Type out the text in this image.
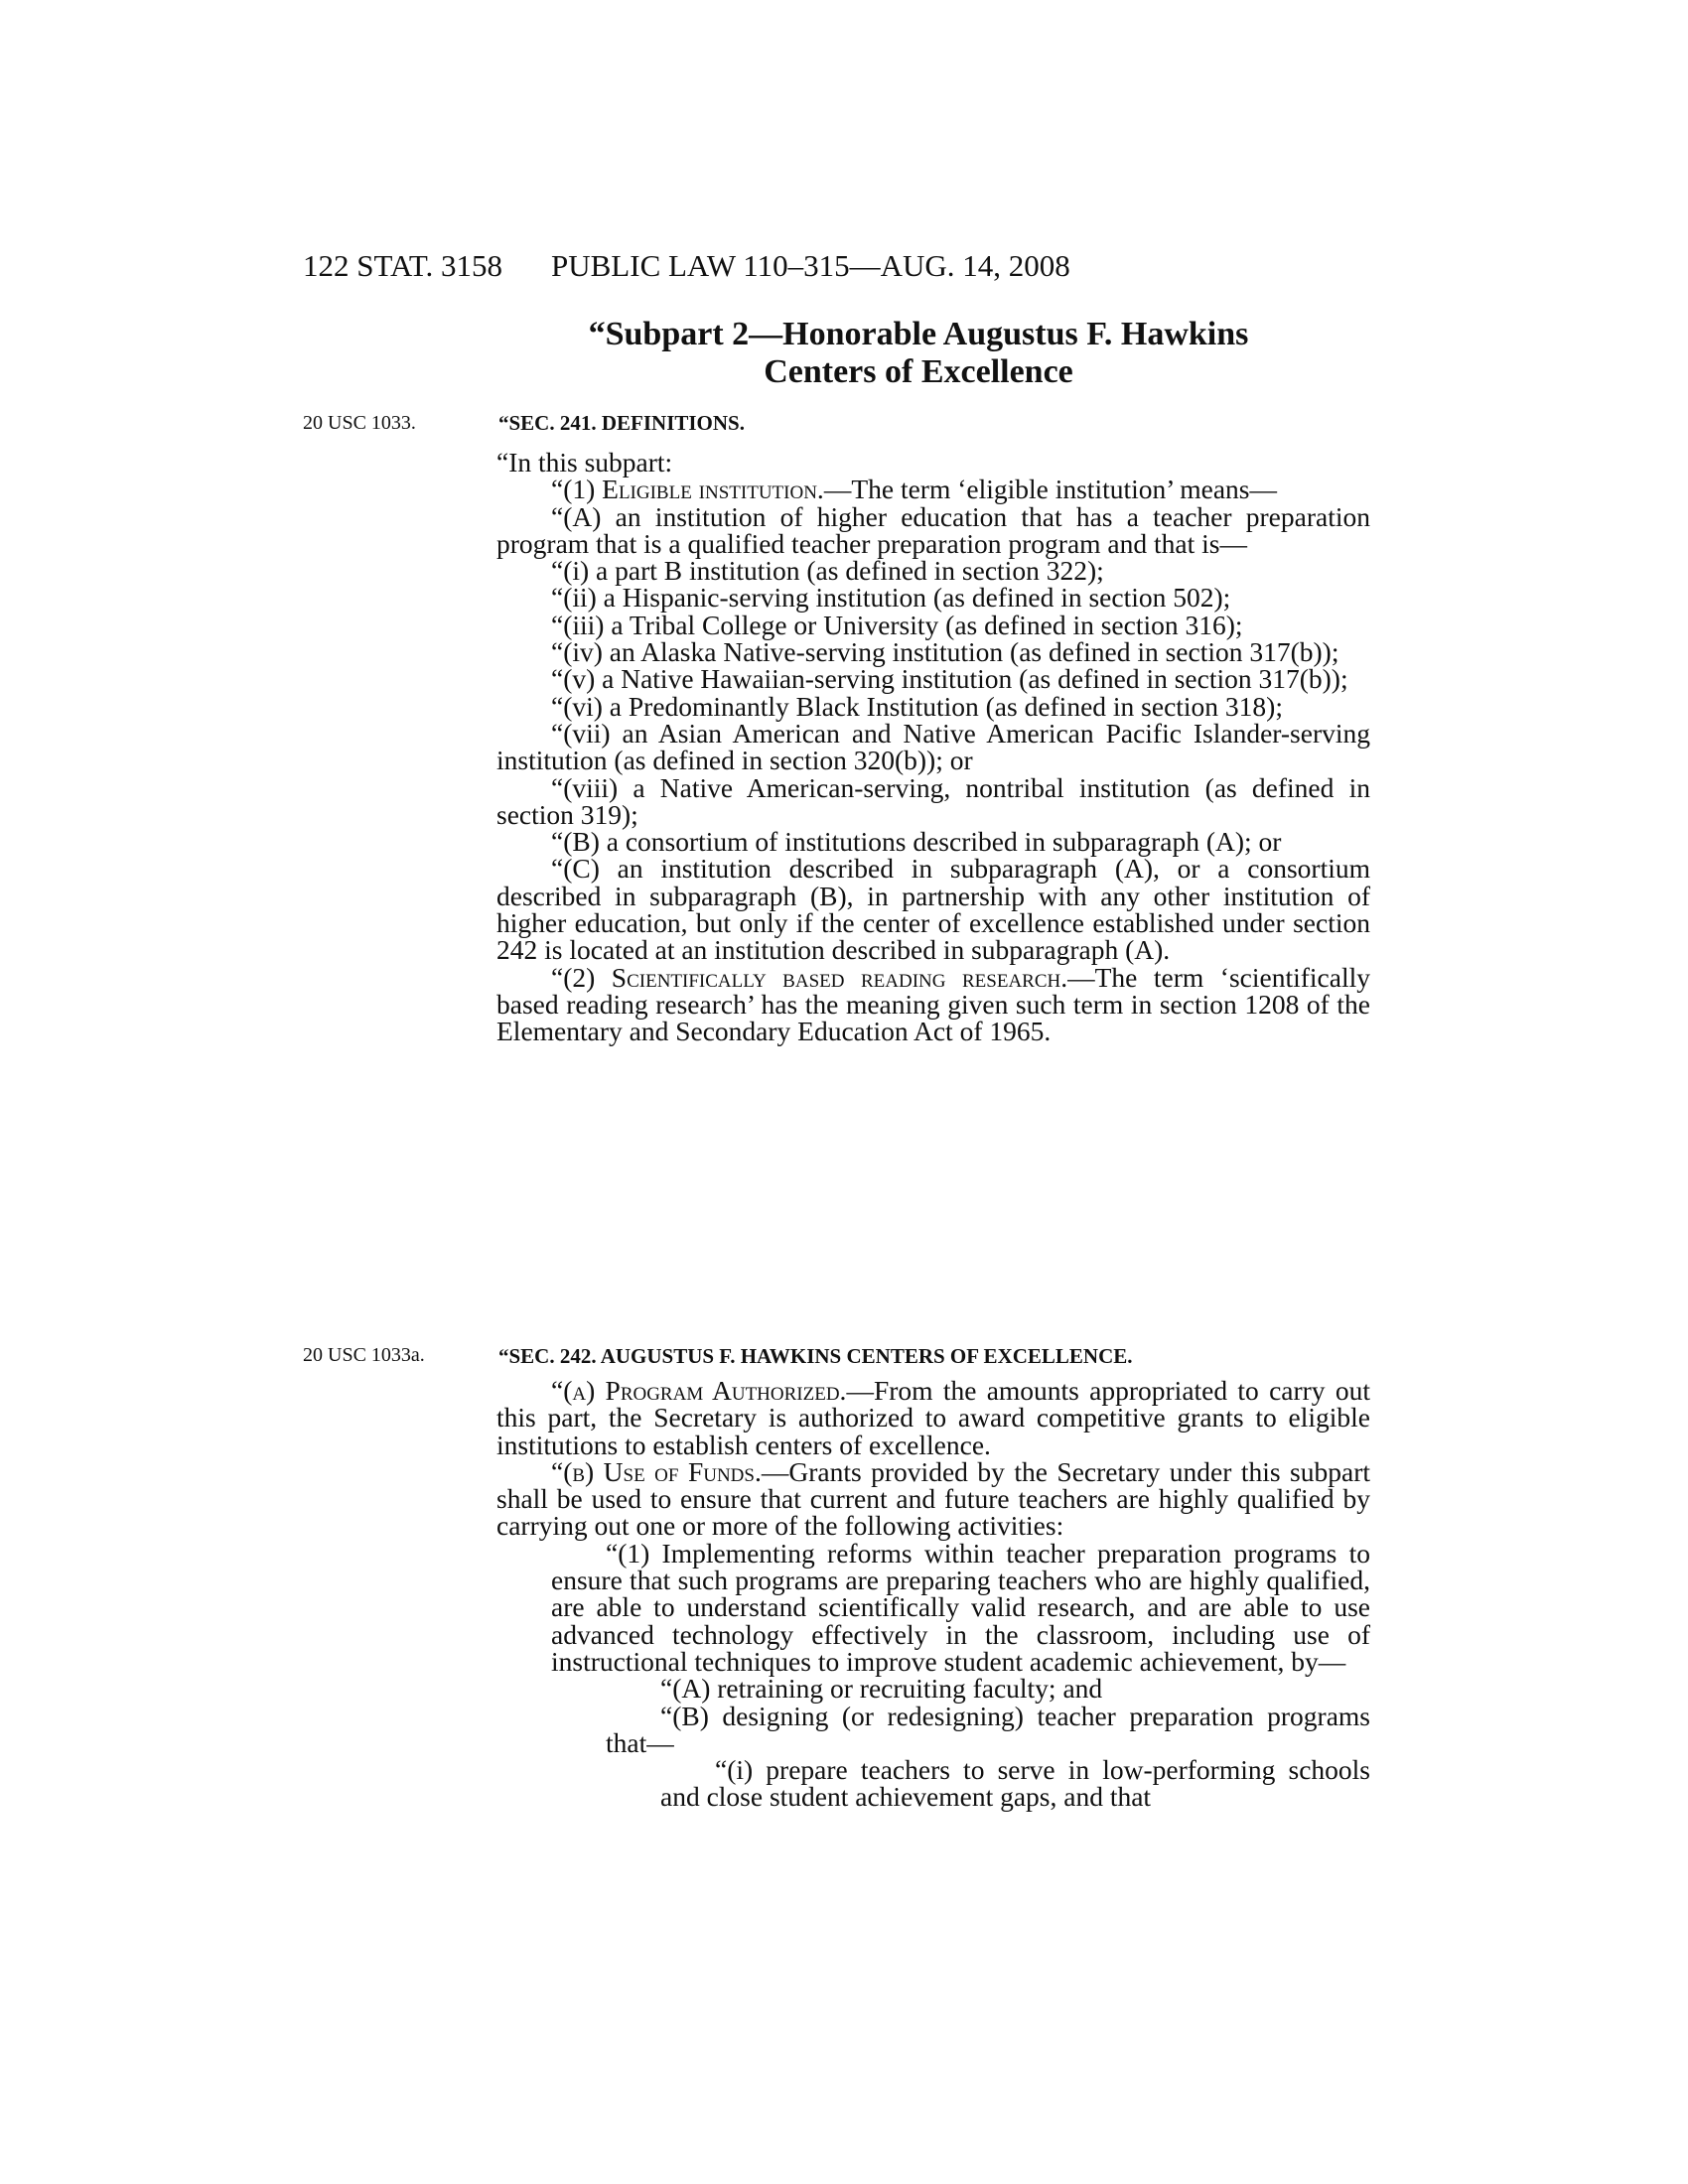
122 STAT. 3158 PUBLIC LAW 110–315—AUG. 14, 2008
“Subpart 2—Honorable Augustus F. Hawkins
Centers of Excellence
20 USC 1033.	“SEC. 241. DEFINITIONS.

“In this subpart:

“(1) Eligible institution.—The term ‘eligible institution’ means—

“(A) an institution of higher education that has a teacher preparation program that is a qualified teacher preparation program and that is—

“(i) a part B institution (as defined in section 322);

“(ii) a Hispanic-serving institution (as defined in section 502);

“(iii) a Tribal College or University (as defined in section 316);

“(iv) an Alaska Native-serving institution (as defined in section 317(b));

“(v) a Native Hawaiian-serving institution (as defined in section 317(b));

“(vi) a Predominantly Black Institution (as defined in section 318);

“(vii) an Asian American and Native American Pacific Islander-serving institution (as defined in section 320(b)); or

“(viii) a Native American-serving, nontribal institution (as defined in section 319);

“(B) a consortium of institutions described in subparagraph (A); or

“(C) an institution described in subparagraph (A), or a consortium described in subparagraph (B), in partnership with any other institution of higher education, but only if the center of excellence established under section 242 is located at an institution described in subparagraph (A).

“(2) Scientifically based reading research.—The term ‘scientifically based reading research’ has the meaning given such term in section 1208 of the Elementary and Secondary Education Act of 1965.

20 USC 1033a.	“SEC. 242. AUGUSTUS F. HAWKINS CENTERS OF EXCELLENCE.

“(a) Program Authorized.—From the amounts appropriated to carry out this part, the Secretary is authorized to award competitive grants to eligible institutions to establish centers of excellence.

“(b) Use of Funds.—Grants provided by the Secretary under this subpart shall be used to ensure that current and future teachers are highly qualified by carrying out one or more of the following activities:

“(1) Implementing reforms within teacher preparation programs to ensure that such programs are preparing teachers who are highly qualified, are able to understand scientifically valid research, and are able to use advanced technology effectively in the classroom, including use of instructional techniques to improve student academic achievement, by—

“(A) retraining or recruiting faculty; and

“(B) designing (or redesigning) teacher preparation programs that—

“(i) prepare teachers to serve in low-performing schools and close student achievement gaps, and that
